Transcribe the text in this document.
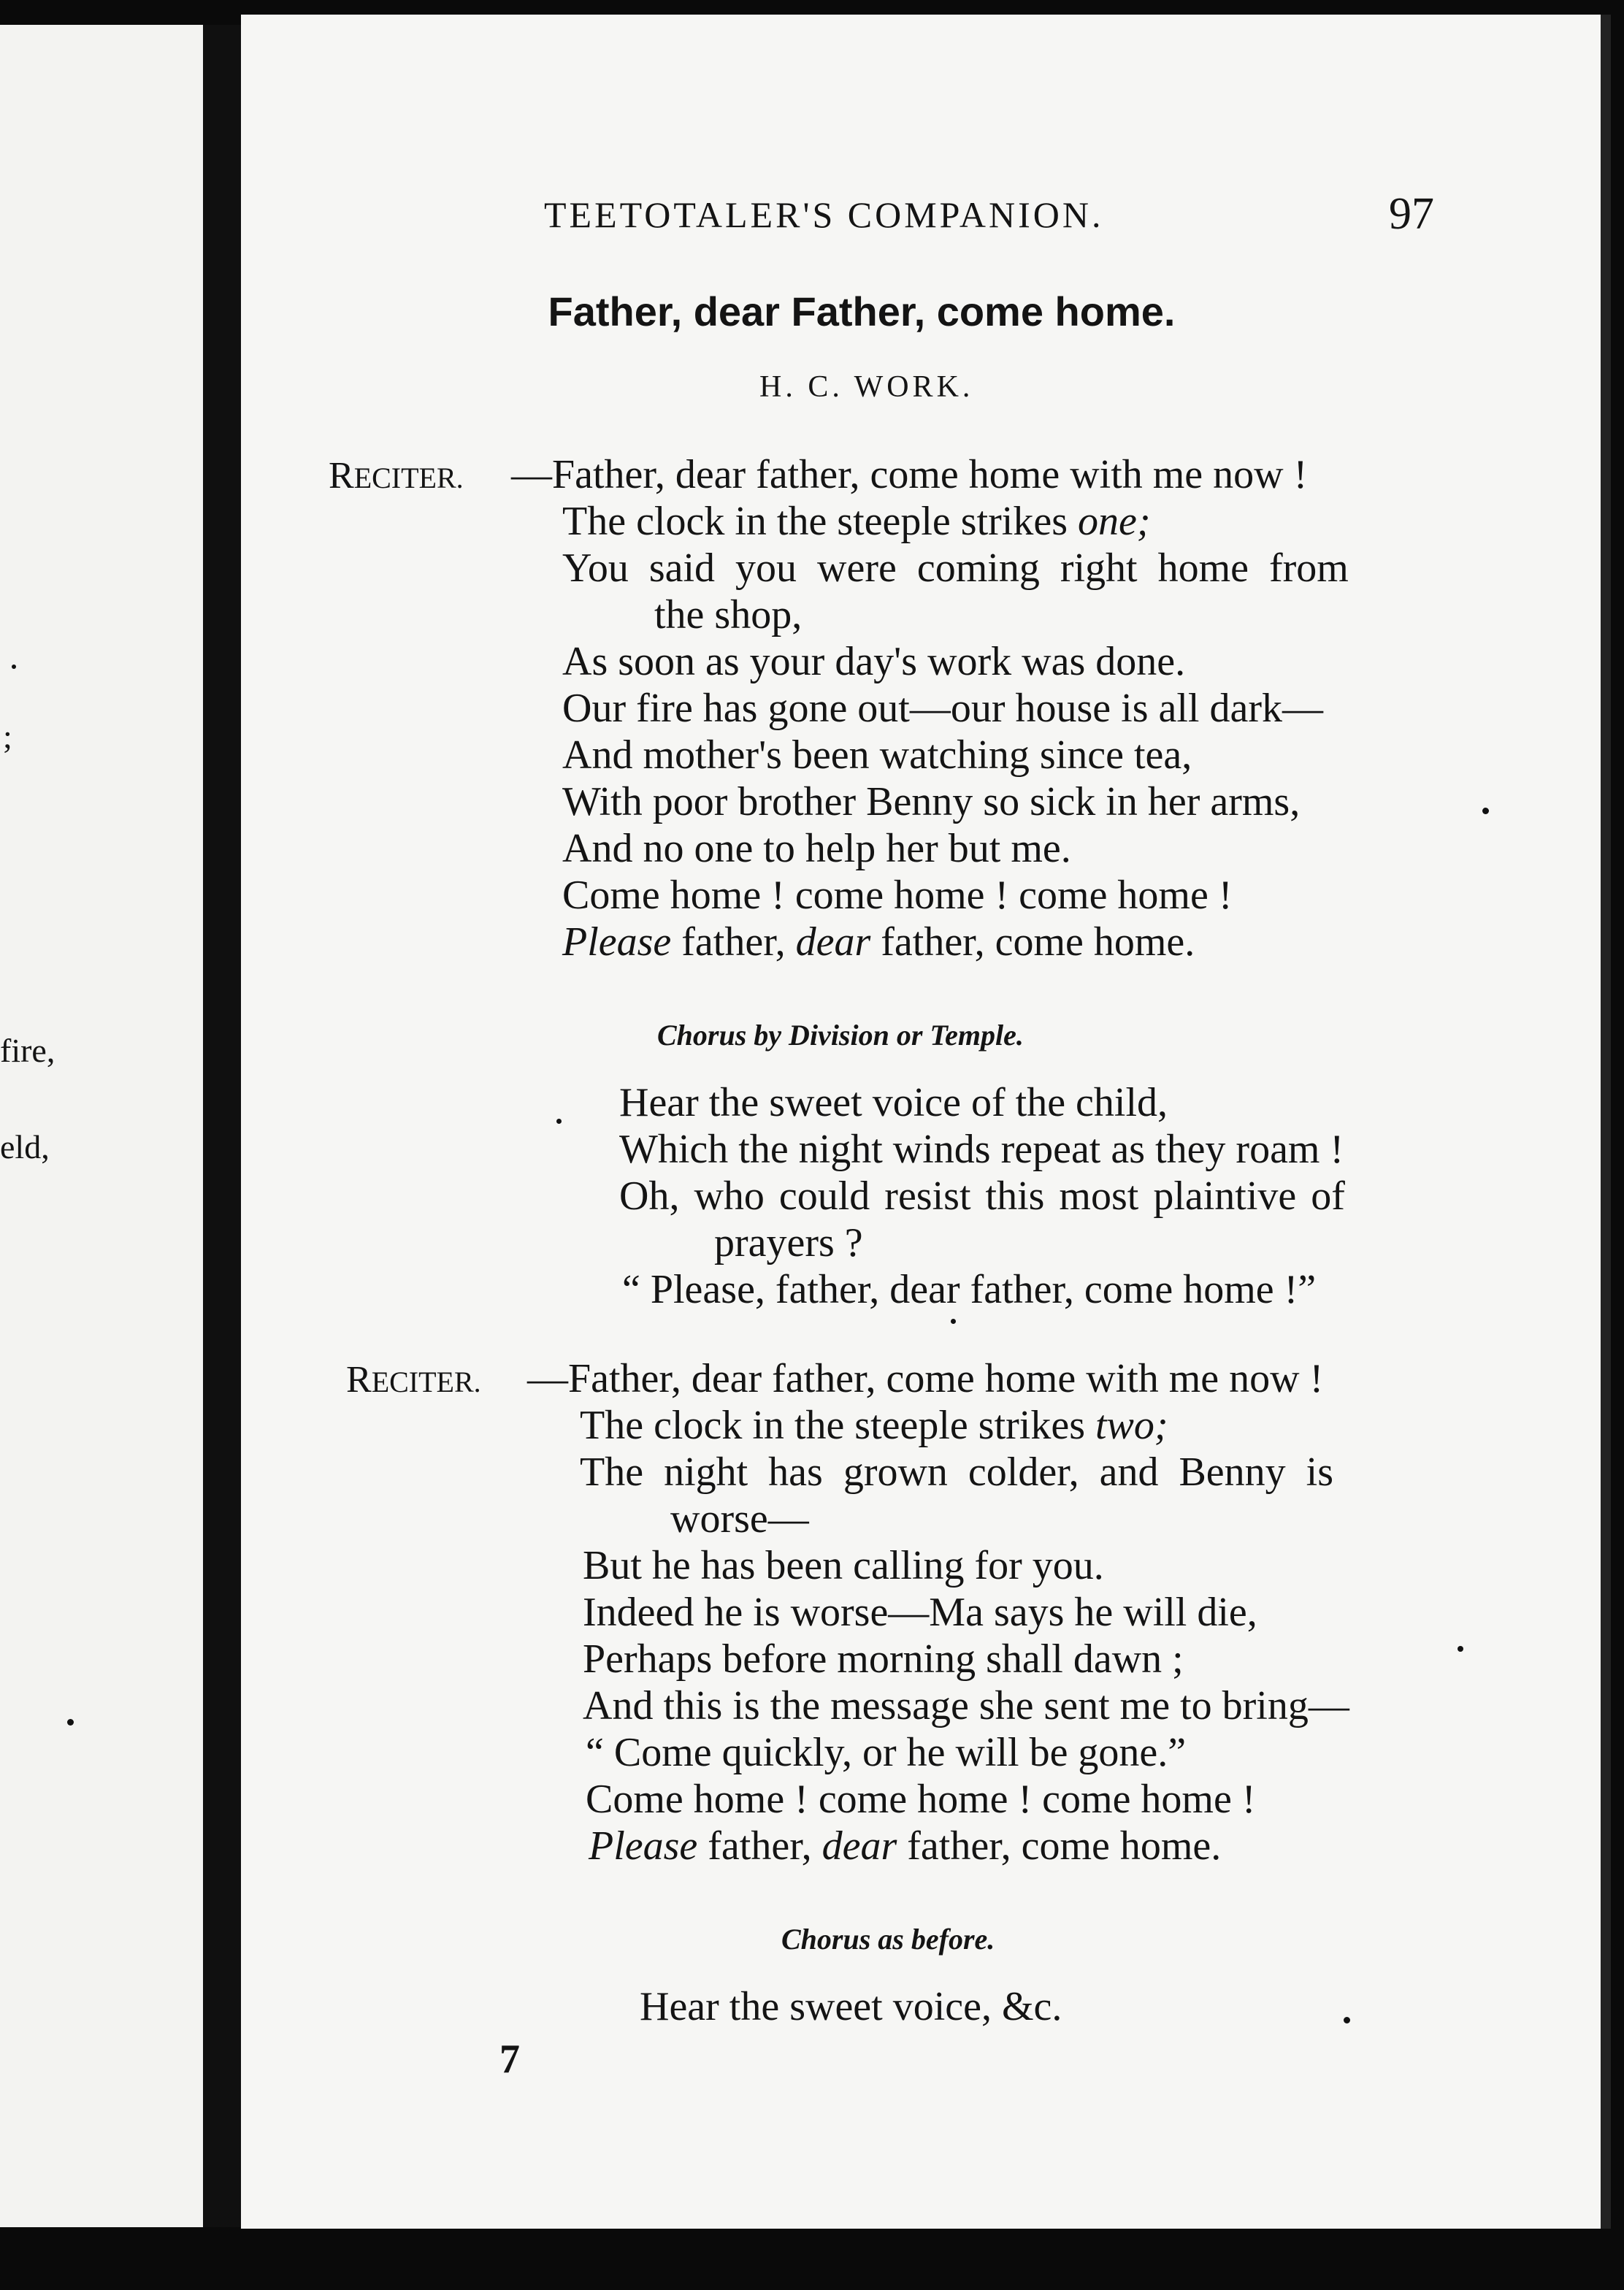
;
fire,
eld,
TEETOTALER'S COMPANION.	97
Father, dear Father, come home.
H. C. WORK.
RECITER. —Father, dear father, come home with me now !
The clock in the steeple strikes one;
You said you were coming right home from
the shop,
As soon as your day's work was done.
Our fire has gone out—our house is all dark—
And mother's been watching since tea,
With poor brother Benny so sick in her arms,
And no one to help her but me.
Come home ! come home ! come home !
Please father, dear father, come home.
Chorus by Division or Temple.
Hear the sweet voice of the child,
Which the night winds repeat as they roam !
Oh, who could resist this most plaintive of
prayers ?
“ Please, father, dear father, come home !”
RECITER. —Father, dear father, come home with me now !
The clock in the steeple strikes two;
The night has grown colder, and Benny is
worse—
But he has been calling for you.
Indeed he is worse—Ma says he will die,
Perhaps before morning shall dawn ;
And this is the message she sent me to bring—
“ Come quickly, or he will be gone.”
Come home ! come home ! come home !
Please father, dear father, come home.
Chorus as before.
Hear the sweet voice, &c.
7
